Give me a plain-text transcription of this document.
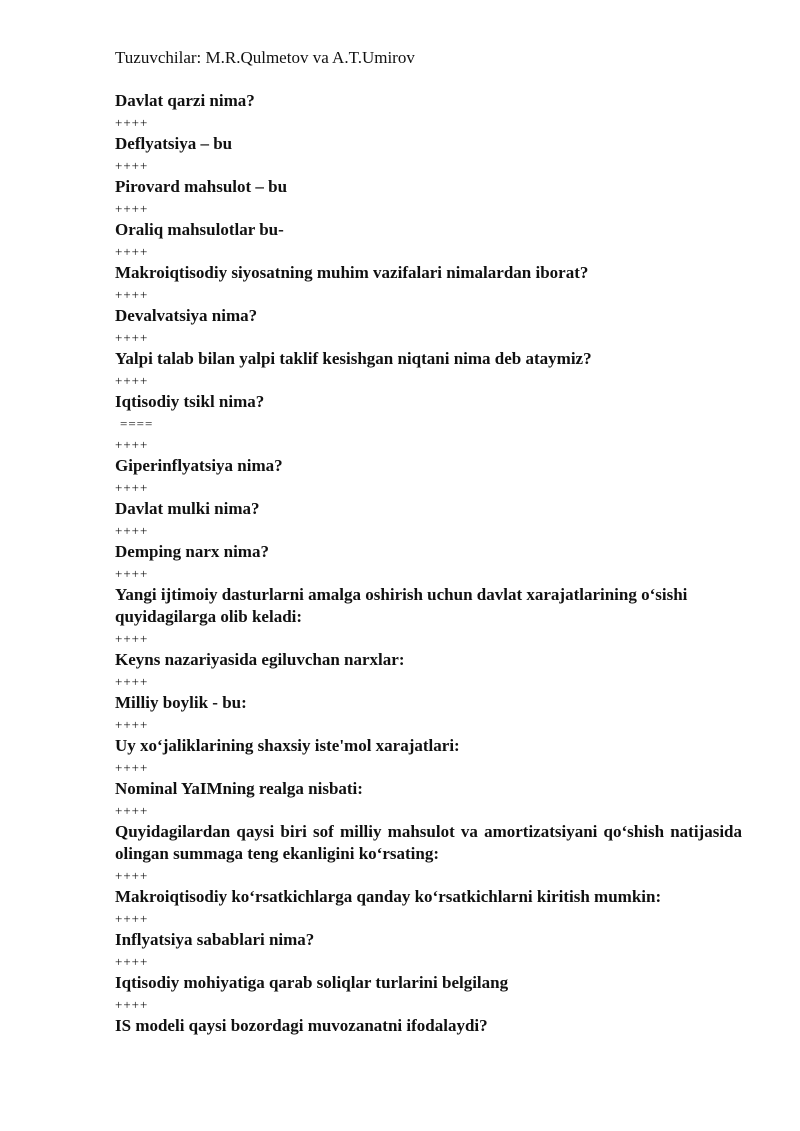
Tuzuvchilar: M.R.Qulmetov va A.T.Umirov
Davlat qarzi nima?
++++
Deflyatsiya – bu
++++
Pirovard mahsulot – bu
++++
Oraliq mahsulotlar bu-
++++
Makroiqtisodiy siyosatning muhim vazifalari nimalardan iborat?
++++
Devalvatsiya nima?
++++
Yalpi talab bilan yalpi taklif kesishgan niqtani nima deb ataymiz?
++++
Iqtisodiy tsikl nima?
====
++++
Giperinflyatsiya nima?
++++
Davlat mulki nima?
++++
Demping narx nima?
++++
Yangi ijtimoiy dasturlarni amalga oshirish uchun davlat xarajatlarining o‘sishi quyidagilarga olib keladi:
++++
Keyns nazariyasida egiluvchan narxlar:
++++
Milliy boylik - bu:
++++
Uy xo‘jaliklarining shaxsiy iste'mol xarajatlari:
++++
Nominal YaIMning realga nisbati:
++++
Quyidagilardan qaysi biri sof milliy mahsulot va amortizatsiyani qo‘shish natijasida olingan summaga teng ekanligini ko‘rsating:
++++
Makroiqtisodiy ko‘rsatkichlarga qanday ko‘rsatkichlarni kiritish mumkin:
++++
Inflyatsiya sabablari nima?
++++
Iqtisodiy mohiyatiga qarab soliqlar turlarini belgilang
++++
IS modeli qaysi bozordagi muvozanatni ifodalaydi?
